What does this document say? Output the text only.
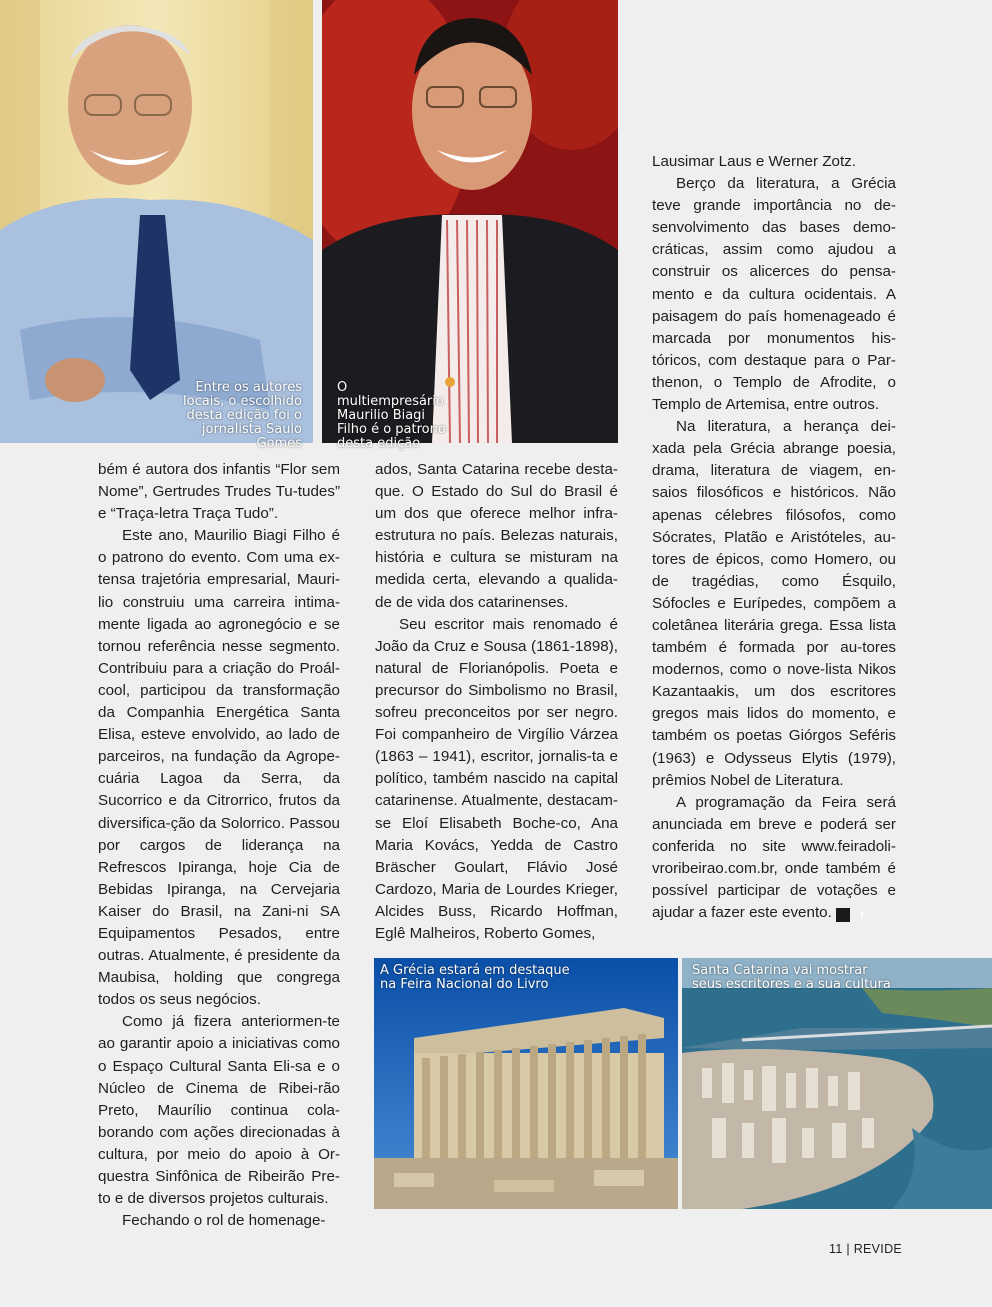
Entre os autores locais, o escolhido desta edição foi o jornalista Saulo Gomes
O multiempresário Maurilio Biagi Filho é o patrono desta edição

bém é autora dos infantis “Flor sem Nome”, Gertrudes Trudes Tu-tudes” e “Traça-letra Traça Tudo”.

Este ano, Maurilio Biagi Filho é o patrono do evento. Com uma ex-tensa trajetória empresarial, Mauri-lio construiu uma carreira intima-mente ligada ao agronegócio e se tornou referência nesse segmento. Contribuiu para a criação do Proál-cool, participou da transformação da Companhia Energética Santa Elisa, esteve envolvido, ao lado de parceiros, na fundação da Agrope-cuária Lagoa da Serra, da Sucorrico e da Citrorrico, frutos da diversifica-ção da Solorrico. Passou por cargos de liderança na Refrescos Ipiranga, hoje Cia de Bebidas Ipiranga, na Cervejaria Kaiser do Brasil, na Zani-ni SA Equipamentos Pesados, entre outras. Atualmente, é presidente da Maubisa, holding que congrega todos os seus negócios.

Como já fizera anteriormen-te ao garantir apoio a iniciativas como o Espaço Cultural Santa Eli-sa e o Núcleo de Cinema de Ribei-rão Preto, Maurílio continua cola-borando com ações direcionadas à cultura, por meio do apoio à Or-questra Sinfônica de Ribeirão Pre-to e de diversos projetos culturais.

Fechando o rol de homenage-

ados, Santa Catarina recebe desta-que. O Estado do Sul do Brasil é um dos que oferece melhor infra-estrutura no país. Belezas naturais, história e cultura se misturam na medida certa, elevando a qualida-de de vida dos catarinenses.

Seu escritor mais renomado é João da Cruz e Sousa (1861-1898), natural de Florianópolis. Poeta e precursor do Simbolismo no Brasil, sofreu preconceitos por ser negro. Foi companheiro de Virgílio Várzea (1863 – 1941), escritor, jornalis-ta e político, também nascido na capital catarinense. Atualmente, destacam-se Eloí Elisabeth Boche-co, Ana Maria Kovács, Yedda de Castro Bräscher Goulart, Flávio José Cardozo, Maria de Lourdes Krieger, Alcides Buss, Ricardo Hoffman, Eglê Malheiros, Roberto Gomes,

Lausimar Laus e Werner Zotz.

Berço da literatura, a Grécia teve grande importância no de-senvolvimento das bases demo-cráticas, assim como ajudou a construir os alicerces do pensa-mento e da cultura ocidentais. A paisagem do país homenageado é marcada por monumentos his-tóricos, com destaque para o Par-thenon, o Templo de Afrodite, o Templo de Artemisa, entre outros.

Na literatura, a herança dei-xada pela Grécia abrange poesia, drama, literatura de viagem, en-saios filosóficos e históricos. Não apenas célebres filósofos, como Sócrates, Platão e Aristóteles, au-tores de épicos, como Homero, ou de tragédias, como Ésquilo, Sófocles e Eurípedes, compõem a coletânea literária grega. Essa lista também é formada por au-tores modernos, como o nove-lista Nikos Kazantaakis, um dos escritores gregos mais lidos do momento, e também os poetas Giórgos Seféris (1963) e Odysseus Elytis (1979), prêmios Nobel de Literatura.

A programação da Feira será anunciada em breve e poderá ser conferida no site www.feiradoli-vroribeirao.com.br, onde também é possível participar de votações e ajudar a fazer este evento.	r

A Grécia estará em destaque na Feira Nacional do Livro
Santa Catarina vai mostrar seus escritores e a sua cultura
11 | REVIDE
